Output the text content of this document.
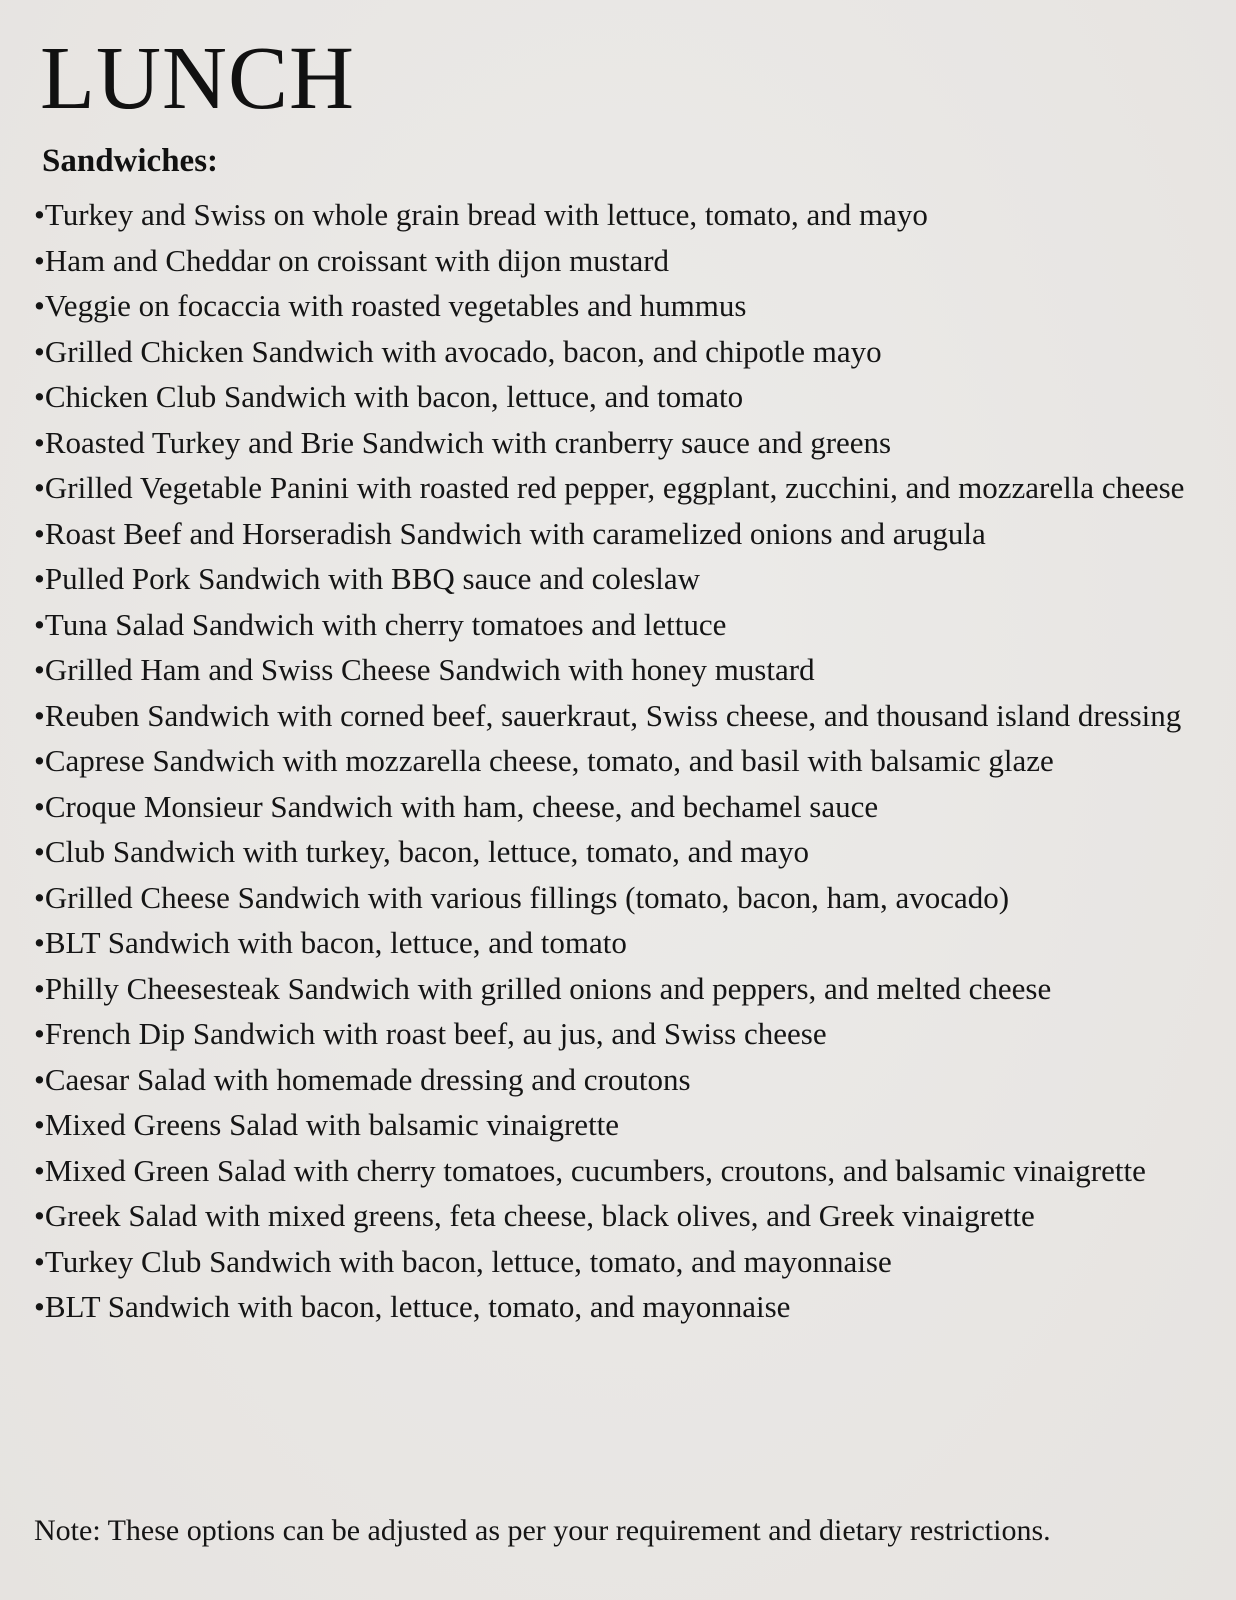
LUNCH
Sandwiches:
•Turkey and Swiss on whole grain bread with lettuce, tomato, and mayo
•Ham and Cheddar on croissant with dijon mustard
•Veggie on focaccia with roasted vegetables and hummus
•Grilled Chicken Sandwich with avocado, bacon, and chipotle mayo
•Chicken Club Sandwich with bacon, lettuce, and tomato
•Roasted Turkey and Brie Sandwich with cranberry sauce and greens
•Grilled Vegetable Panini with roasted red pepper, eggplant, zucchini, and mozzarella cheese
•Roast Beef and Horseradish Sandwich with caramelized onions and arugula
•Pulled Pork Sandwich with BBQ sauce and coleslaw
•Tuna Salad Sandwich with cherry tomatoes and lettuce
•Grilled Ham and Swiss Cheese Sandwich with honey mustard
•Reuben Sandwich with corned beef, sauerkraut, Swiss cheese, and thousand island dressing
•Caprese Sandwich with mozzarella cheese, tomato, and basil with balsamic glaze
•Croque Monsieur Sandwich with ham, cheese, and bechamel sauce
•Club Sandwich with turkey, bacon, lettuce, tomato, and mayo
•Grilled Cheese Sandwich with various fillings (tomato, bacon, ham, avocado)
•BLT Sandwich with bacon, lettuce, and tomato
•Philly Cheesesteak Sandwich with grilled onions and peppers, and melted cheese
•French Dip Sandwich with roast beef, au jus, and Swiss cheese
•Caesar Salad with homemade dressing and croutons
•Mixed Greens Salad with balsamic vinaigrette
•Mixed Green Salad with cherry tomatoes, cucumbers, croutons, and balsamic vinaigrette
•Greek Salad with mixed greens, feta cheese, black olives, and Greek vinaigrette
•Turkey Club Sandwich with bacon, lettuce, tomato, and mayonnaise
•BLT Sandwich with bacon, lettuce, tomato, and mayonnaise

Note: These options can be adjusted as per your requirement and dietary restrictions.
